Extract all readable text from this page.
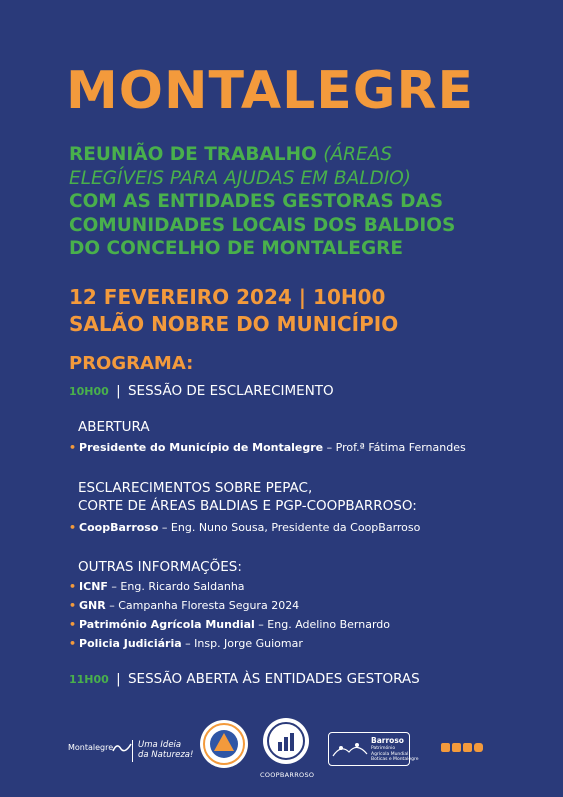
MONTALEGRE
REUNIÃO DE TRABALHO (ÁREAS
ELEGÍVEIS PARA AJUDAS EM BALDIO)
COM AS ENTIDADES GESTORAS DAS
COMUNIDADES LOCAIS DOS BALDIOS
DO CONCELHO DE MONTALEGRE
12 FEVEREIRO 2024 | 10H00
SALÃO NOBRE DO MUNICÍPIO
PROGRAMA:
10H00 | SESSÃO DE ESCLARECIMENTO
ABERTURA
• Presidente do Município de Montalegre – Prof.ª Fátima Fernandes
ESCLARECIMENTOS SOBRE PEPAC,
CORTE DE ÁREAS BALDIAS E PGP-COOPBARROSO:
• CoopBarroso – Eng. Nuno Sousa, Presidente da CoopBarroso
OUTRAS INFORMAÇÕES:
• ICNF – Eng. Ricardo Saldanha
• GNR – Campanha Floresta Segura 2024
• Património Agrícola Mundial – Eng. Adelino Bernardo
• Policia Judiciária – Insp. Jorge Guiomar
11H00 | SESSÃO ABERTA ÀS ENTIDADES GESTORAS
Montalegre	Uma Ideia
da Natureza!
COOPBARROSO
Barroso
Património
Agrícola Mundial
Boticas e Montalegre
